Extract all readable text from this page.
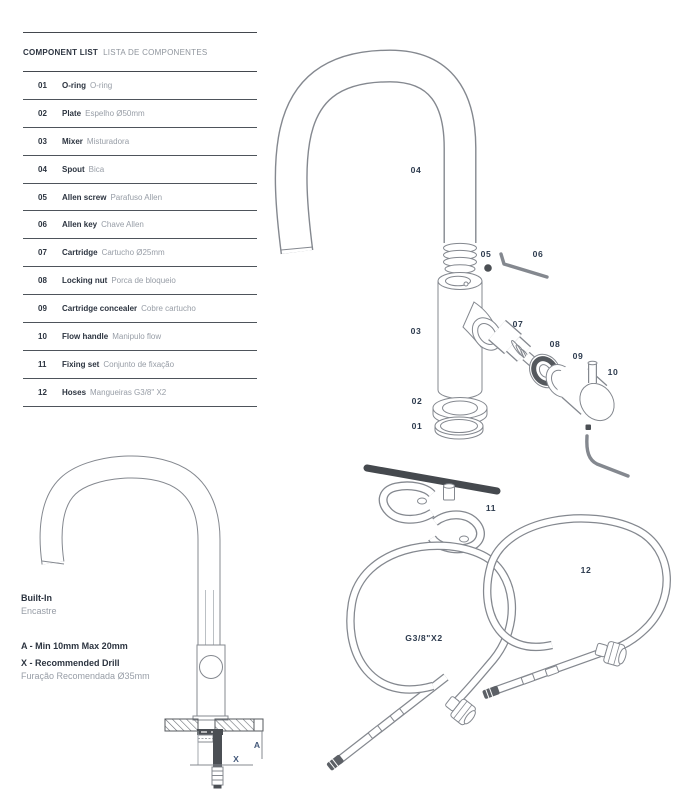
COMPONENT LIST LISTA DE COMPONENTES
01	O-ring O-ring
02	Plate Espelho Ø50mm
03	Mixer Misturadora
04	Spout Bica
05	Allen screw Parafuso Allen
06	Allen key Chave Allen
07	Cartridge Cartucho Ø25mm
08	Locking nut Porca de bloqueio
09	Cartridge concealer Cobre cartucho
10	Flow handle Manipulo flow
11	Fixing set Conjunto de fixação
12	Hoses Mangueiras G3/8" X2
04
05	06
03
07
08
09
10
02
01
11
12
G3/8"X2
A
X
Built-In
Encastre
A - Min 10mm Max 20mm
X - Recommended Drill
Furação Recomendada Ø35mm
